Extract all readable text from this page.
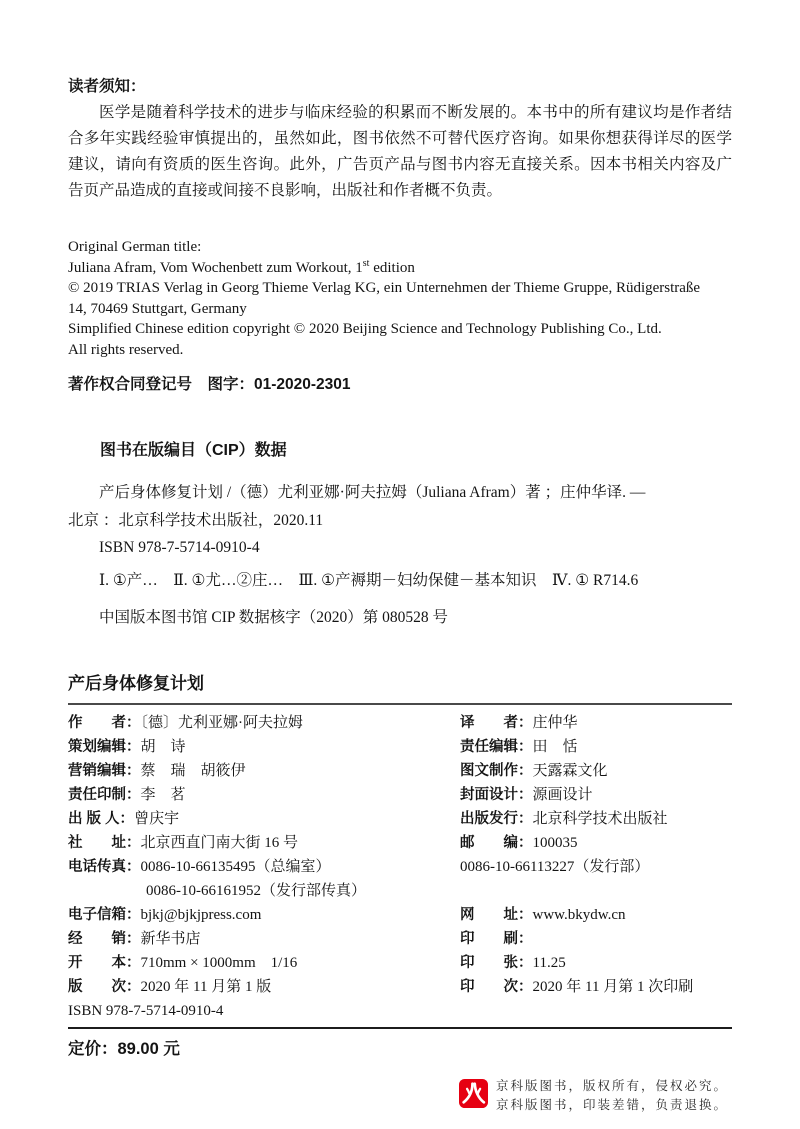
读者须知：

医学是随着科学技术的进步与临床经验的积累而不断发展的。本书中的所有建议均是作者结合多年实践经验审慎提出的，虽然如此，图书依然不可替代医疗咨询。如果你想获得详尽的医学建议，请向有资质的医生咨询。此外，广告页产品与图书内容无直接关系。因本书相关内容及广告页产品造成的直接或间接不良影响，出版社和作者概不负责。

Original German title:
Juliana Afram, Vom Wochenbett zum Workout, 1st edition
© 2019 TRIAS Verlag in Georg Thieme Verlag KG, ein Unternehmen der Thieme Gruppe, Rüdigerstraße
14, 70469 Stuttgart, Germany
Simplified Chinese edition copyright © 2020 Beijing Science and Technology Publishing Co., Ltd.
All rights reserved.
著作权合同登记号　图字：01-2020-2301
图书在版编目（CIP）数据
产后身体修复计划 /（德）尤利亚娜·阿夫拉姆（Juliana Afram）著 ；庄仲华译. —
北京 ：北京科学技术出版社，2020.11
ISBN 978-7-5714-0910-4
Ⅰ. ①产…　Ⅱ. ①尤…②庄…　Ⅲ. ①产褥期－妇幼保健－基本知识　Ⅳ. ① R714.6
中国版本图书馆 CIP 数据核字（2020）第 080528 号
产后身体修复计划
作　　者：〔德〕尤利亚娜·阿夫拉姆	译　　者：庄仲华
策划编辑：胡　诗	责任编辑：田　恬
营销编辑：蔡　瑞　胡筱伊	图文制作：天露霖文化
责任印制：李　茗	封面设计：源画设计
出 版 人：曾庆宇	出版发行：北京科学技术出版社
社　　址：北京西直门南大街 16 号	邮　　编：100035
电话传真：0086-10-66135495（总编室）	0086-10-66113227（发行部）
0086-10-66161952（发行部传真）
电子信箱：bjkj@bjkjpress.com	网　　址：www.bkydw.cn
经　　销：新华书店	印　　刷：
开　　本：710mm × 1000mm　1/16	印　　张：11.25
版　　次：2020 年 11 月第 1 版	印　　次：2020 年 11 月第 1 次印刷
ISBN 978-7-5714-0910-4
定价：89.00 元
京科版图书，版权所有，侵权必究。
京科版图书，印装差错，负责退换。
